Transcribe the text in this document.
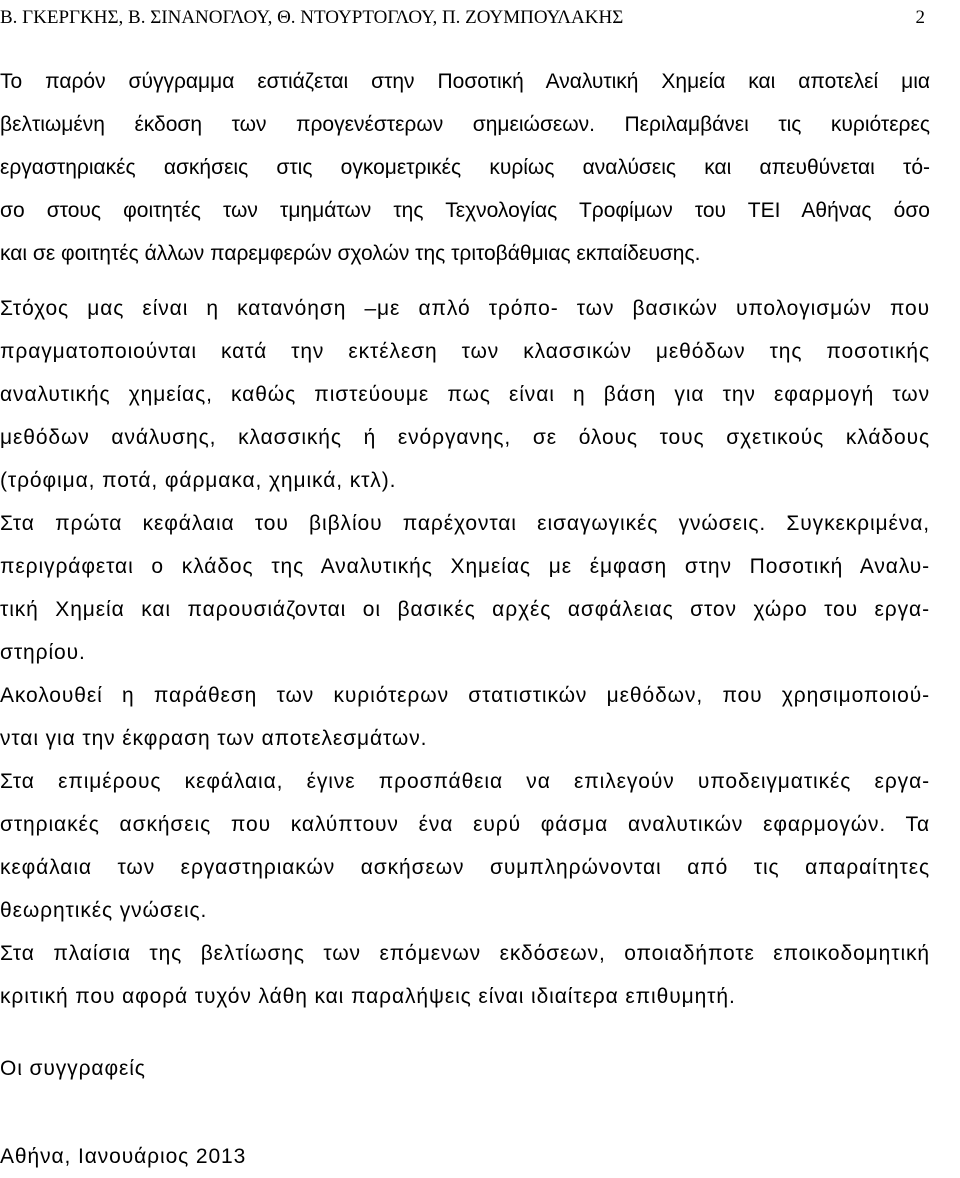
Β. ΓΚΕΡΓΚΗΣ, Β. ΣΙΝΑΝΟΓΛΟΥ, Θ. ΝΤΟΥΡΤΟΓΛΟΥ, Π. ΖΟΥΜΠΟΥΛΑΚΗΣ	2
Το παρόν σύγγραμμα εστιάζεται στην Ποσοτική Αναλυτική Χημεία και αποτελεί μια
βελτιωμένη έκδοση των προγενέστερων σημειώσεων. Περιλαμβάνει τις κυριότερες
εργαστηριακές ασκήσεις στις ογκομετρικές κυρίως αναλύσεις και απευθύνεται τό-
σο στους φοιτητές των τμημάτων της Τεχνολογίας Τροφίμων του ΤΕΙ Αθήνας όσο
και σε φοιτητές άλλων παρεμφερών σχολών της τριτοβάθμιας εκπαίδευσης.
Στόχος μας είναι η κατανόηση –με απλό τρόπο- των βασικών υπολογισμών που
πραγματοποιούνται κατά την εκτέλεση των κλασσικών μεθόδων της ποσοτικής
αναλυτικής χημείας, καθώς πιστεύουμε πως είναι η βάση για την εφαρμογή των
μεθόδων ανάλυσης, κλασσικής ή ενόργανης, σε όλους τους σχετικούς κλάδους
(τρόφιμα, ποτά, φάρμακα, χημικά, κτλ).
Στα πρώτα κεφάλαια του βιβλίου παρέχονται εισαγωγικές γνώσεις. Συγκεκριμένα,
περιγράφεται ο κλάδος της Αναλυτικής Χημείας με έμφαση στην Ποσοτική Αναλυ-
τική Χημεία και παρουσιάζονται οι βασικές αρχές ασφάλειας στον χώρο του εργα-
στηρίου.
Ακολουθεί η παράθεση των κυριότερων στατιστικών μεθόδων, που χρησιμοποιού-
νται για την έκφραση των αποτελεσμάτων.
Στα επιμέρους κεφάλαια, έγινε προσπάθεια να επιλεγούν υποδειγματικές εργα-
στηριακές ασκήσεις που καλύπτουν ένα ευρύ φάσμα αναλυτικών εφαρμογών. Τα
κεφάλαια των εργαστηριακών ασκήσεων συμπληρώνονται από τις απαραίτητες
θεωρητικές γνώσεις.
Στα πλαίσια της βελτίωσης των επόμενων εκδόσεων, οποιαδήποτε εποικοδομητική
κριτική που αφορά τυχόν λάθη και παραλήψεις είναι ιδιαίτερα επιθυμητή.
Οι συγγραφείς
Αθήνα, Ιανουάριος 2013
